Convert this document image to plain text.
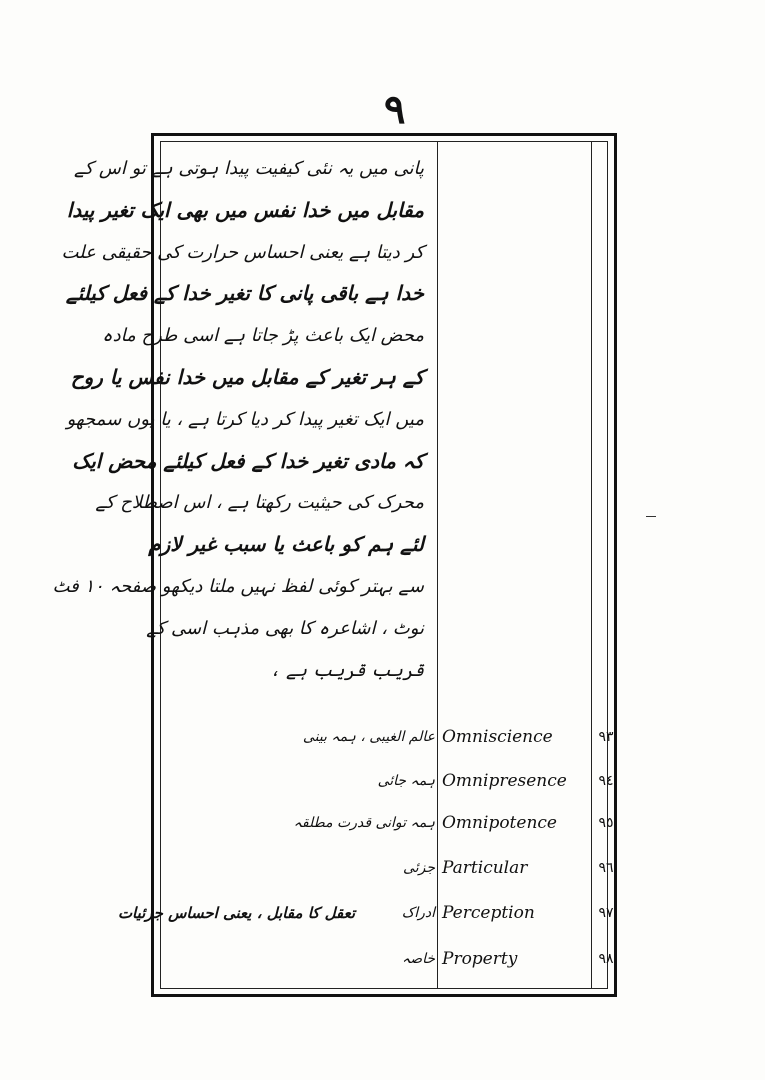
٩
پانی میں یہ نئی کیفیت پیدا ہوتی ہے تو اس کے
مقابل میں خدا نفس میں بھی ایک تغیر پیدا
کر دیتا ہے یعنی احساس حرارت کی حقیقی علت
خدا ہے باقی پانی کا تغیر خدا کے فعل کیلئے
محض ایک باعث پڑ جاتا ہے اسی طرح مادہ
کے ہر تغیر کے مقابل میں خدا نفس یا روح
میں ایک تغیر پیدا کر دیا کرتا ہے ، یا یوں سمجھو
کہ مادی تغیر خدا کے فعل کیلئے محض ایک
محرک کی حیثیت رکھتا ہے ، اس اصطلاح کے
لئے ہم کو باعث یا سبب غیر لازم
سے بہتر کوئی لفظ نہیں ملتا دیکھو صفحہ ۱۰ فٹ
نوٹ ، اشاعرہ کا بھی مذہب اسی کے
قریب قریب ہے ،
عالم الغیبی ، ہمہ بینی Omniscience	٩٣
ہمہ جائی Omnipresence	٩٤
ہمہ توانی قدرت مطلقہ Omnipotence	٩٥
جزئی Particular	٩٦
تعقل کا مقابل ، یعنی احساس جزئیات	ادراک Perception	٩٧
خاصہ Property	٩٨
